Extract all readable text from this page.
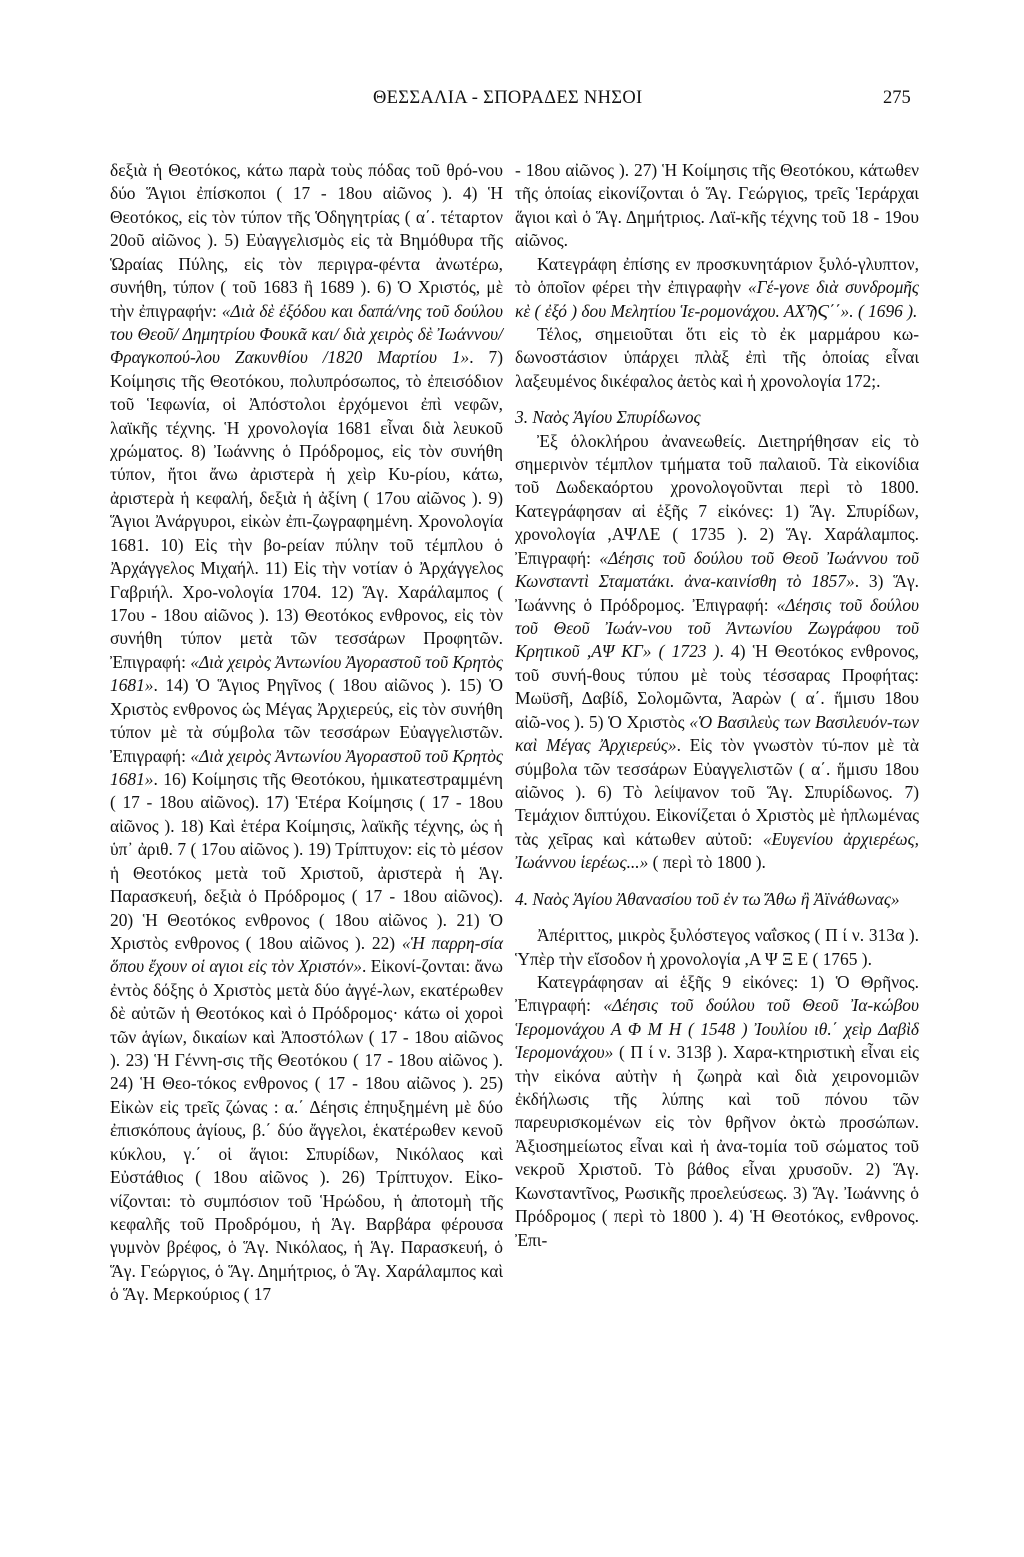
ΘΕΣΣΑΛΙΑ - ΣΠΟΡΑΔΕΣ ΝΗΣΟΙ	275

δεξιὰ ἡ Θεοτόκος, κάτω παρὰ τοὺς πόδας τοῦ θρό-νου δύο Ἅγιοι ἐπίσκοποι ( 17 - 18ου αἰῶνος ). 4) Ἡ Θεοτόκος, εἰς τὸν τύπον τῆς Ὁδηγητρίας ( α΄. τέταρτον 20οῦ αἰῶνος ). 5) Εὐαγγελισμὸς εἰς τὰ Βημόθυρα τῆς Ὡραίας Πύλης, εἰς τὸν περιγρα-φέντα ἀνωτέρω, συνήθη, τύπον ( τοῦ 1683 ἢ 1689 ). 6) Ὁ Χριστός, μὲ τὴν ἐπιγραφήν: «Διὰ δὲ ἐξόδου και δαπά/νης τοῦ δούλου του Θεοῦ/ Δημητρίου Φουκᾶ και/ διὰ χειρὸς δὲ Ἰωάννου/ Φραγκοπού-λου Ζακυνθίου /1820 Μαρτίου 1». 7) Κοίμησις τῆς Θεοτόκου, πολυπρόσωπος, τὸ ἐπεισόδιον τοῦ Ἱεφωνία, οἱ Ἀπόστολοι ἐρχόμενοι ἐπὶ νεφῶν, λαϊκῆς τέχνης. Ἡ χρονολογία 1681 εἶναι διὰ λευκοῦ χρώματος. 8) Ἰωάννης ὁ Πρόδρομος, εἰς τὸν συνήθη τύπον, ἤτοι ἄνω ἀριστερὰ ἡ χεὶρ Κυ-ρίου, κάτω, ἀριστερὰ ἡ κεφαλή, δεξιὰ ἡ ἀξίνη ( 17ου αἰῶνος ). 9) Ἅγιοι Ἀνάργυροι, εἰκὼν ἐπι-ζωγραφημένη. Χρονολογία 1681. 10) Εἰς τὴν βο-ρείαν πύλην τοῦ τέμπλου ὁ Ἀρχάγγελος Μιχαήλ. 11) Εἰς τὴν νοτίαν ὁ Ἀρχάγγελος Γαβριήλ. Χρο-νολογία 1704. 12) Ἅγ. Χαράλαμπος ( 17ου - 18ου αἰῶνος ). 13) Θεοτόκος ενθρονος, εἰς τὸν συνήθη τύπον μετὰ τῶν τεσσάρων Προφητῶν. Ἐπιγραφή: «Διὰ χειρὸς Ἀντωνίου Ἀγοραστοῦ τοῦ Κρητὸς 1681». 14) Ὁ Ἅγιος Ρηγῖνος ( 18ου αἰῶνος ). 15) Ὁ Χριστὸς ενθρονος ὡς Μέγας Ἀρχιερεύς, εἰς τὸν συνήθη τύπον μὲ τὰ σύμβολα τῶν τεσσάρων Εὐαγγελιστῶν. Ἐπιγραφή: «Διὰ χειρὸς Ἀντωνίου Ἀγοραστοῦ τοῦ Κρητὸς 1681». 16) Κοίμησις τῆς Θεοτόκου, ἡμικατεστραμμένη ( 17 - 18ου αἰῶνος). 17) Ἑτέρα Κοίμησις ( 17 - 18ου αἰῶνος ). 18) Καὶ ἑτέρα Κοίμησις, λαϊκῆς τέχνης, ὡς ἡ ὑπ᾽ ἀριθ. 7 ( 17ου αἰῶνος ). 19) Τρίπτυχον: εἰς τὸ μέσον ἡ Θεοτόκος μετὰ τοῦ Χριστοῦ, ἀριστερὰ ἡ Ἁγ. Παρασκευή, δεξιὰ ὁ Πρόδρομος ( 17 - 18ου αἰῶνος). 20) Ἡ Θεοτόκος ενθρονος ( 18ου αἰῶνος ). 21) Ὁ Χριστὸς ενθρονος ( 18ου αἰῶνος ). 22) «Ἡ παρρη-σία ὅπου ἔχουν οἱ αγιοι εἰς τὸν Χριστόν». Εἰκονί-ζονται: ἄνω ἐντὸς δόξης ὁ Χριστὸς μετὰ δύο ἀγγέ-λων, εκατέρωθεν δὲ αὐτῶν ἡ Θεοτόκος καὶ ὁ Πρόδρομος· κάτω οἱ χοροὶ τῶν ἁγίων, δικαίων καὶ Ἀποστόλων ( 17 - 18ου αἰῶνος ). 23) Ἡ Γέννη-σις τῆς Θεοτόκου ( 17 - 18ου αἰῶνος ). 24) Ἡ Θεο-τόκος ενθρονος ( 17 - 18ου αἰῶνος ). 25) Εἰκὼν εἰς τρεῖς ζώνας : α.΄ Δέησις ἐπηυξημένη μὲ δύο ἐπισκόπους ἁγίους, β.΄ δύο ἄγγελοι, ἑκατέρωθεν κενοῦ κύκλου, γ.΄ οἱ ἅγιοι: Σπυρίδων, Νικόλαος καὶ Εὐστάθιος ( 18ου αἰῶνος ). 26) Τρίπτυχον. Εἰκο-νίζονται: τὸ συμπόσιον τοῦ Ἡρώδου, ἡ ἀποτομὴ τῆς κεφαλῆς τοῦ Προδρόμου, ἡ Ἁγ. Βαρβάρα φέρουσα γυμνὸν βρέφος, ὁ Ἅγ. Νικόλαος, ἡ Ἁγ. Παρασκευή, ὁ Ἅγ. Γεώργιος, ὁ Ἅγ. Δημήτριος, ὁ Ἅγ. Χαράλαμπος καὶ ὁ Ἅγ. Μερκούριος ( 17

- 18ου αἰῶνος ). 27) Ἡ Κοίμησις τῆς Θεοτόκου, κάτωθεν τῆς ὁποίας εἰκονίζονται ὁ Ἅγ. Γεώργιος, τρεῖς Ἱεράρχαι ἅγιοι καὶ ὁ Ἅγ. Δημήτριος. Λαϊ-κῆς τέχνης τοῦ 18 - 19ου αἰῶνος.

Κατεγράφη ἐπίσης εν προσκυνητάριον ξυλό-γλυπτον, τὸ ὁποῖον φέρει τὴν ἐπιγραφὴν «Γέ-γονε διὰ συνδρομῆς κὲ ( ἐξό ) δου Μελητίου Ἱε-ρομονάχου. ΑΧϠϚ΄΄». ( 1696 ).

Τέλος, σημειοῦται ὅτι εἰς τὸ ἐκ μαρμάρου κω-δωνοστάσιον ὑπάρχει πλὰξ ἐπὶ τῆς ὁποίας εἶναι λαξευμένος δικέφαλος ἀετὸς καὶ ἡ χρονολογία 172;.

3. Ναὸς Ἁγίου Σπυρίδωνος

Ἐξ ὁλοκλήρου ἀνανεωθείς. Διετηρήθησαν εἰς τὸ σημερινὸν τέμπλον τμήματα τοῦ παλαιοῦ. Τὰ εἰκονίδια τοῦ Δωδεκαόρτου χρονολογοῦνται περὶ τὸ 1800. Κατεγράφησαν αἱ ἑξῆς 7 εἰκόνες: 1) Ἅγ. Σπυρίδων, χρονολογία ,ΑΨΛΕ ( 1735 ). 2) Ἅγ. Χαράλαμπος. Ἐπιγραφή: «Δέησις τοῦ δούλου τοῦ Θεοῦ Ἰωάννου τοῦ Κωνσταντὶ Σταματάκι. ἀνα-καινίσθη τὸ 1857». 3) Ἅγ. Ἰωάννης ὁ Πρόδρομος. Ἐπιγραφή: «Δέησις τοῦ δούλου τοῦ Θεοῦ Ἰωάν-νου τοῦ Ἀντωνίου Ζωγράφου τοῦ Κρητικοῦ ,ΑΨ ΚΓ» ( 1723 ). 4) Ἡ Θεοτόκος ενθρονος, τοῦ συνή-θους τύπου μὲ τοὺς τέσσαρας Προφήτας: Μωϋσῆ, Δαβίδ, Σολομῶντα, Ἀαρὼν ( α΄. ἥμισυ 18ου αἰῶ-νος ). 5) Ὁ Χριστὸς «Ὁ Βασιλεὺς των Βασιλευόν-των καὶ Μέγας Ἀρχιερεύς». Εἰς τὸν γνωστὸν τύ-πον μὲ τὰ σύμβολα τῶν τεσσάρων Εὐαγγελιστῶν ( α΄. ἥμισυ 18ου αἰῶνος ). 6) Τὸ λείψανον τοῦ Ἅγ. Σπυρίδωνος. 7) Τεμάχιον διπτύχου. Εἰκονίζεται ὁ Χριστὸς μὲ ἡπλωμένας τὰς χεῖρας καὶ κάτωθεν αὐτοῦ: «Ευγενίου ἀρχιερέως, Ἰωάννου ἱερέως...» ( περὶ τὸ 1800 ).

4. Ναὸς Ἁγίου Ἀθανασίου τοῦ ἐν τω Ἄθω ἢ Ἀϊνάθωνας»

Ἀπέριττος, μικρὸς ξυλόστεγος ναΐσκος ( Π ί ν. 313α ). Ὑπὲρ τὴν εἴσοδον ἡ χρονολογία ,Α Ψ Ξ Ε ( 1765 ).

Κατεγράφησαν αἱ ἑξῆς 9 εἰκόνες: 1) Ὁ Θρῆνος. Ἐπιγραφή: «Δέησις τοῦ δούλου τοῦ Θεοῦ Ἰα-κώβου Ἱερομονάχου Α Φ Μ Η ( 1548 ) Ἰουλίου ιθ.΄ χεὶρ Δαβὶδ Ἱερομονάχου» ( Π ί ν. 313β ). Χαρα-κτηριστικὴ εἶναι εἰς τὴν εἰκόνα αὐτὴν ἡ ζωηρὰ καὶ διὰ χειρονομιῶν ἐκδήλωσις τῆς λύπης καὶ τοῦ πόνου τῶν παρευρισκομένων εἰς τὸν θρῆνον ὀκτὼ προσώπων. Ἀξιοσημείωτος εἶναι καὶ ἡ ἀνα-τομία τοῦ σώματος τοῦ νεκροῦ Χριστοῦ. Τὸ βάθος εἶναι χρυσοῦν. 2) Ἅγ. Κωνσταντῖνος, Ρωσικῆς προελεύσεως. 3) Ἅγ. Ἰωάννης ὁ Πρόδρομος ( περὶ τὸ 1800 ). 4) Ἡ Θεοτόκος, ενθρονος. Ἐπι-
